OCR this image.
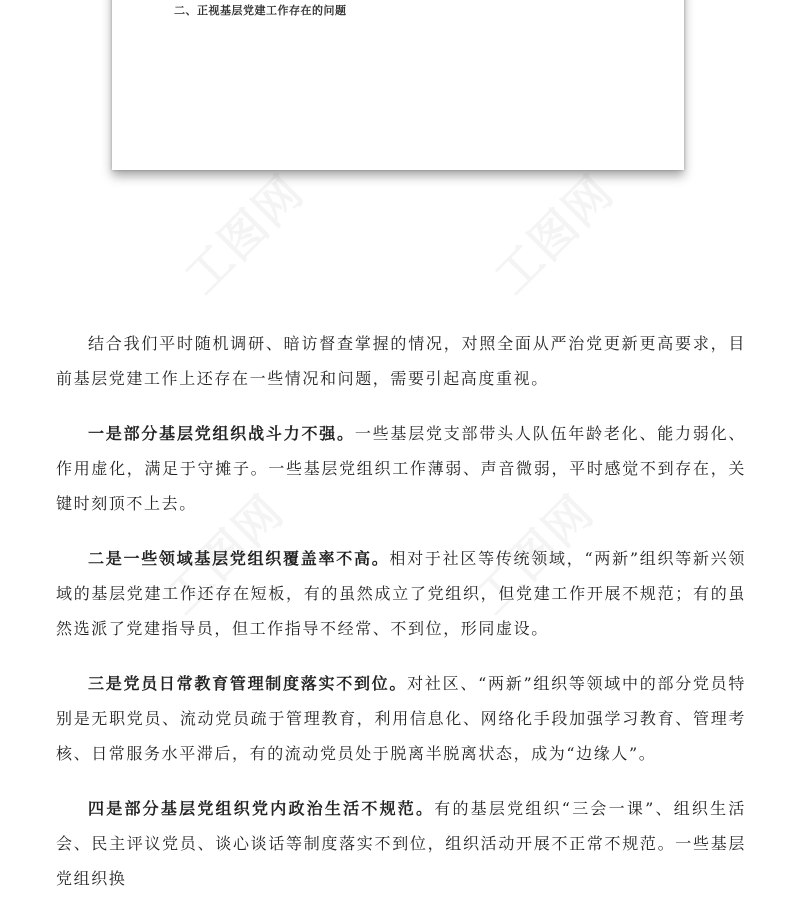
二、正视基层党建工作存在的问题

结合我们平时随机调研、暗访督查掌握的情况，对照全面从严治党更新更高要求，目前基层党建工作上还存在一些情况和问题，需要引起高度重视。

一是部分基层党组织战斗力不强。一些基层党支部带头人队伍年龄老化、能力弱化、作用虚化，满足于守摊子。一些基层党组织工作薄弱、声音微弱，平时感觉不到存在，关键时刻顶不上去。

二是一些领域基层党组织覆盖率不高。相对于社区等传统领域，“两新”组织等新兴领域的基层党建工作还存在短板，有的虽然成立了党组织，但党建工作开展不规范；有的虽然选派了党建指导员，但工作指导不经常、不到位，形同虚设。

三是党员日常教育管理制度落实不到位。对社区、“两新”组织等领域中的部分党员特别是无职党员、流动党员疏于管理教育，利用信息化、网络化手段加强学习教育、管理考核、日常服务水平滞后，有的流动党员处于脱离半脱离状态，成为“边缘人”。

四是部分基层党组织党内政治生活不规范。有的基层党组织“三会一课”、组织生活会、民主评议党员、谈心谈话等制度落实不到位，组织活动开展不正常不规范。一些基层党组织换
